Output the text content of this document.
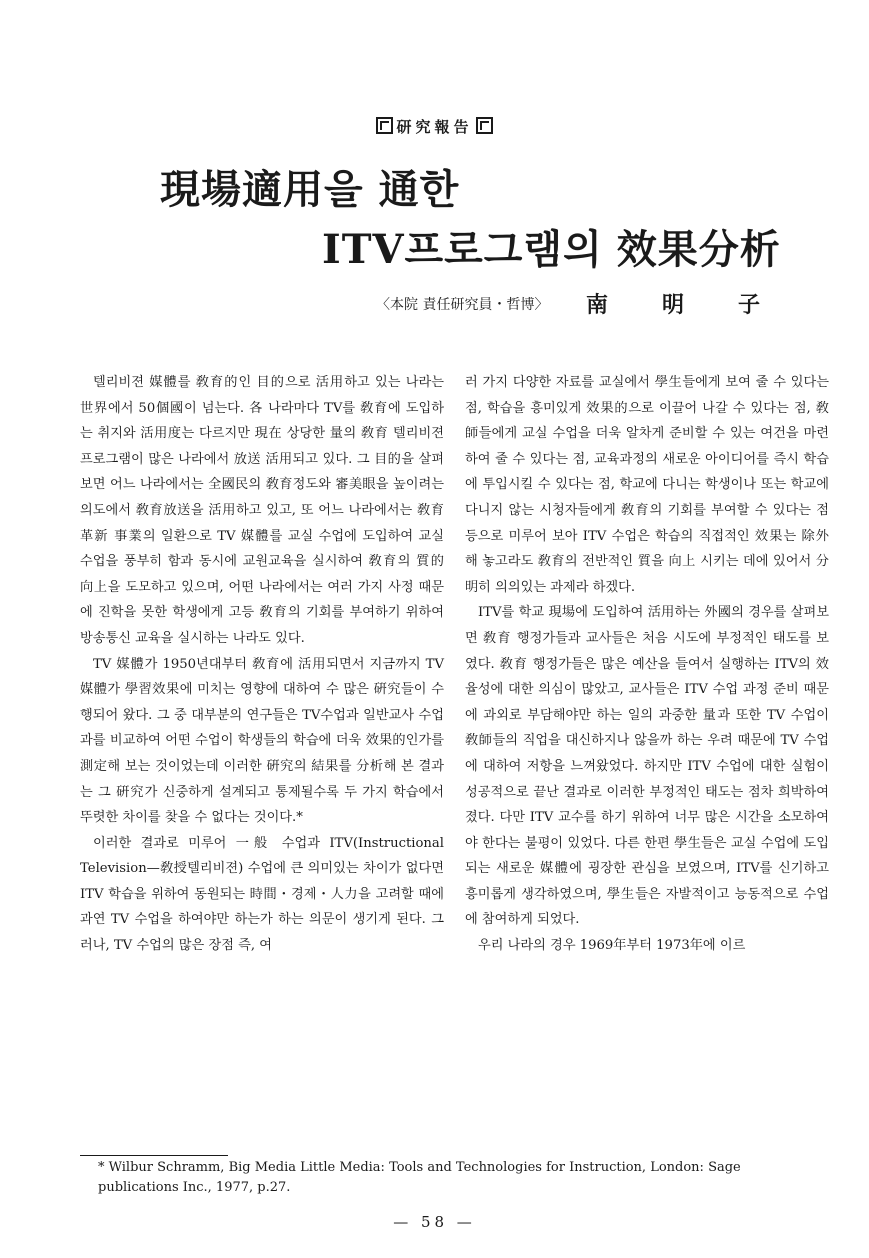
研究報告
現場適用을 通한
ITV프로그램의 效果分析
〈本院 責任研究員・哲博〉 南明子

텔리비젼 媒體를 敎育的인 目的으로 活用하고 있는 나라는 世界에서 50個國이 넘는다. 各 나라마다 TV를 敎育에 도입하는 취지와 活用度는 다르지만 現在 상당한 量의 敎育 텔리비젼 프로그램이 많은 나라에서 放送 活用되고 있다. 그 目的을 살펴보면 어느 나라에서는 全國民의 敎育정도와 審美眼을 높이려는 의도에서 敎育放送을 活用하고 있고, 또 어느 나라에서는 敎育 革新 事業의 일환으로 TV 媒體를 교실 수업에 도입하여 교실 수업을 풍부히 함과 동시에 교원교육을 실시하여 敎育의 質的 向上을 도모하고 있으며, 어떤 나라에서는 여러 가지 사정 때문에 진학을 못한 학생에게 고등 敎育의 기회를 부여하기 위하여 방송통신 교육을 실시하는 나라도 있다.

TV 媒體가 1950년대부터 敎育에 活用되면서 지금까지 TV 媒體가 學習效果에 미치는 영향에 대하여 수 많은 硏究들이 수행되어 왔다. 그 중 대부분의 연구들은 TV수업과 일반교사 수업과를 비교하여 어떤 수업이 학생들의 학습에 더욱 效果的인가를 測定해 보는 것이었는데 이러한 硏究의 結果를 分析해 본 결과는 그 硏究가 신중하게 설계되고 통제될수록 두 가지 학습에서 뚜렷한 차이를 찾을 수 없다는 것이다.*

이러한 결과로 미루어 一般 수업과 ITV(Instructional Television—敎授텔리비젼) 수업에 큰 의미있는 차이가 없다면 ITV 학습을 위하여 동원되는 時間・경제・人力을 고려할 때에 과연 TV 수업을 하여야만 하는가 하는 의문이 생기게 된다. 그러나, TV 수업의 많은 장점 즉, 여

러 가지 다양한 자료를 교실에서 學生들에게 보여 줄 수 있다는 점, 학습을 흥미있게 效果的으로 이끌어 나갈 수 있다는 점, 敎師들에게 교실 수업을 더욱 알차게 준비할 수 있는 여건을 마련하여 줄 수 있다는 점, 교육과정의 새로운 아이디어를 즉시 학습에 투입시킬 수 있다는 점, 학교에 다니는 학생이나 또는 학교에 다니지 않는 시청자들에게 敎育의 기회를 부여할 수 있다는 점 등으로 미루어 보아 ITV 수업은 학습의 직접적인 效果는 除外해 놓고라도 敎育의 전반적인 質을 向上 시키는 데에 있어서 分明히 의의있는 과제라 하겠다.

ITV를 학교 現場에 도입하여 活用하는 外國의 경우를 살펴보면 敎育 행정가들과 교사들은 처음 시도에 부정적인 태도를 보였다. 敎育 행정가들은 많은 예산을 들여서 실행하는 ITV의 效율성에 대한 의심이 많았고, 교사들은 ITV 수업 과정 준비 때문에 과외로 부담해야만 하는 일의 과중한 量과 또한 TV 수업이 敎師들의 직업을 대신하지나 않을까 하는 우려 때문에 TV 수업에 대하여 저항을 느껴왔었다. 하지만 ITV 수업에 대한 실험이 성공적으로 끝난 결과로 이러한 부정적인 태도는 점차 희박하여졌다. 다만 ITV 교수를 하기 위하여 너무 많은 시간을 소모하여야 한다는 불평이 있었다. 다른 한편 學生들은 교실 수업에 도입되는 새로운 媒體에 굉장한 관심을 보였으며, ITV를 신기하고 흥미롭게 생각하였으며, 學生들은 자발적이고 능동적으로 수업에 참여하게 되었다.

우리 나라의 경우 1969年부터 1973年에 이르

* Wilbur Schramm, Big Media Little Media: Tools and Technologies for Instruction, London: Sage publications Inc., 1977, p.27.
— 58 —
